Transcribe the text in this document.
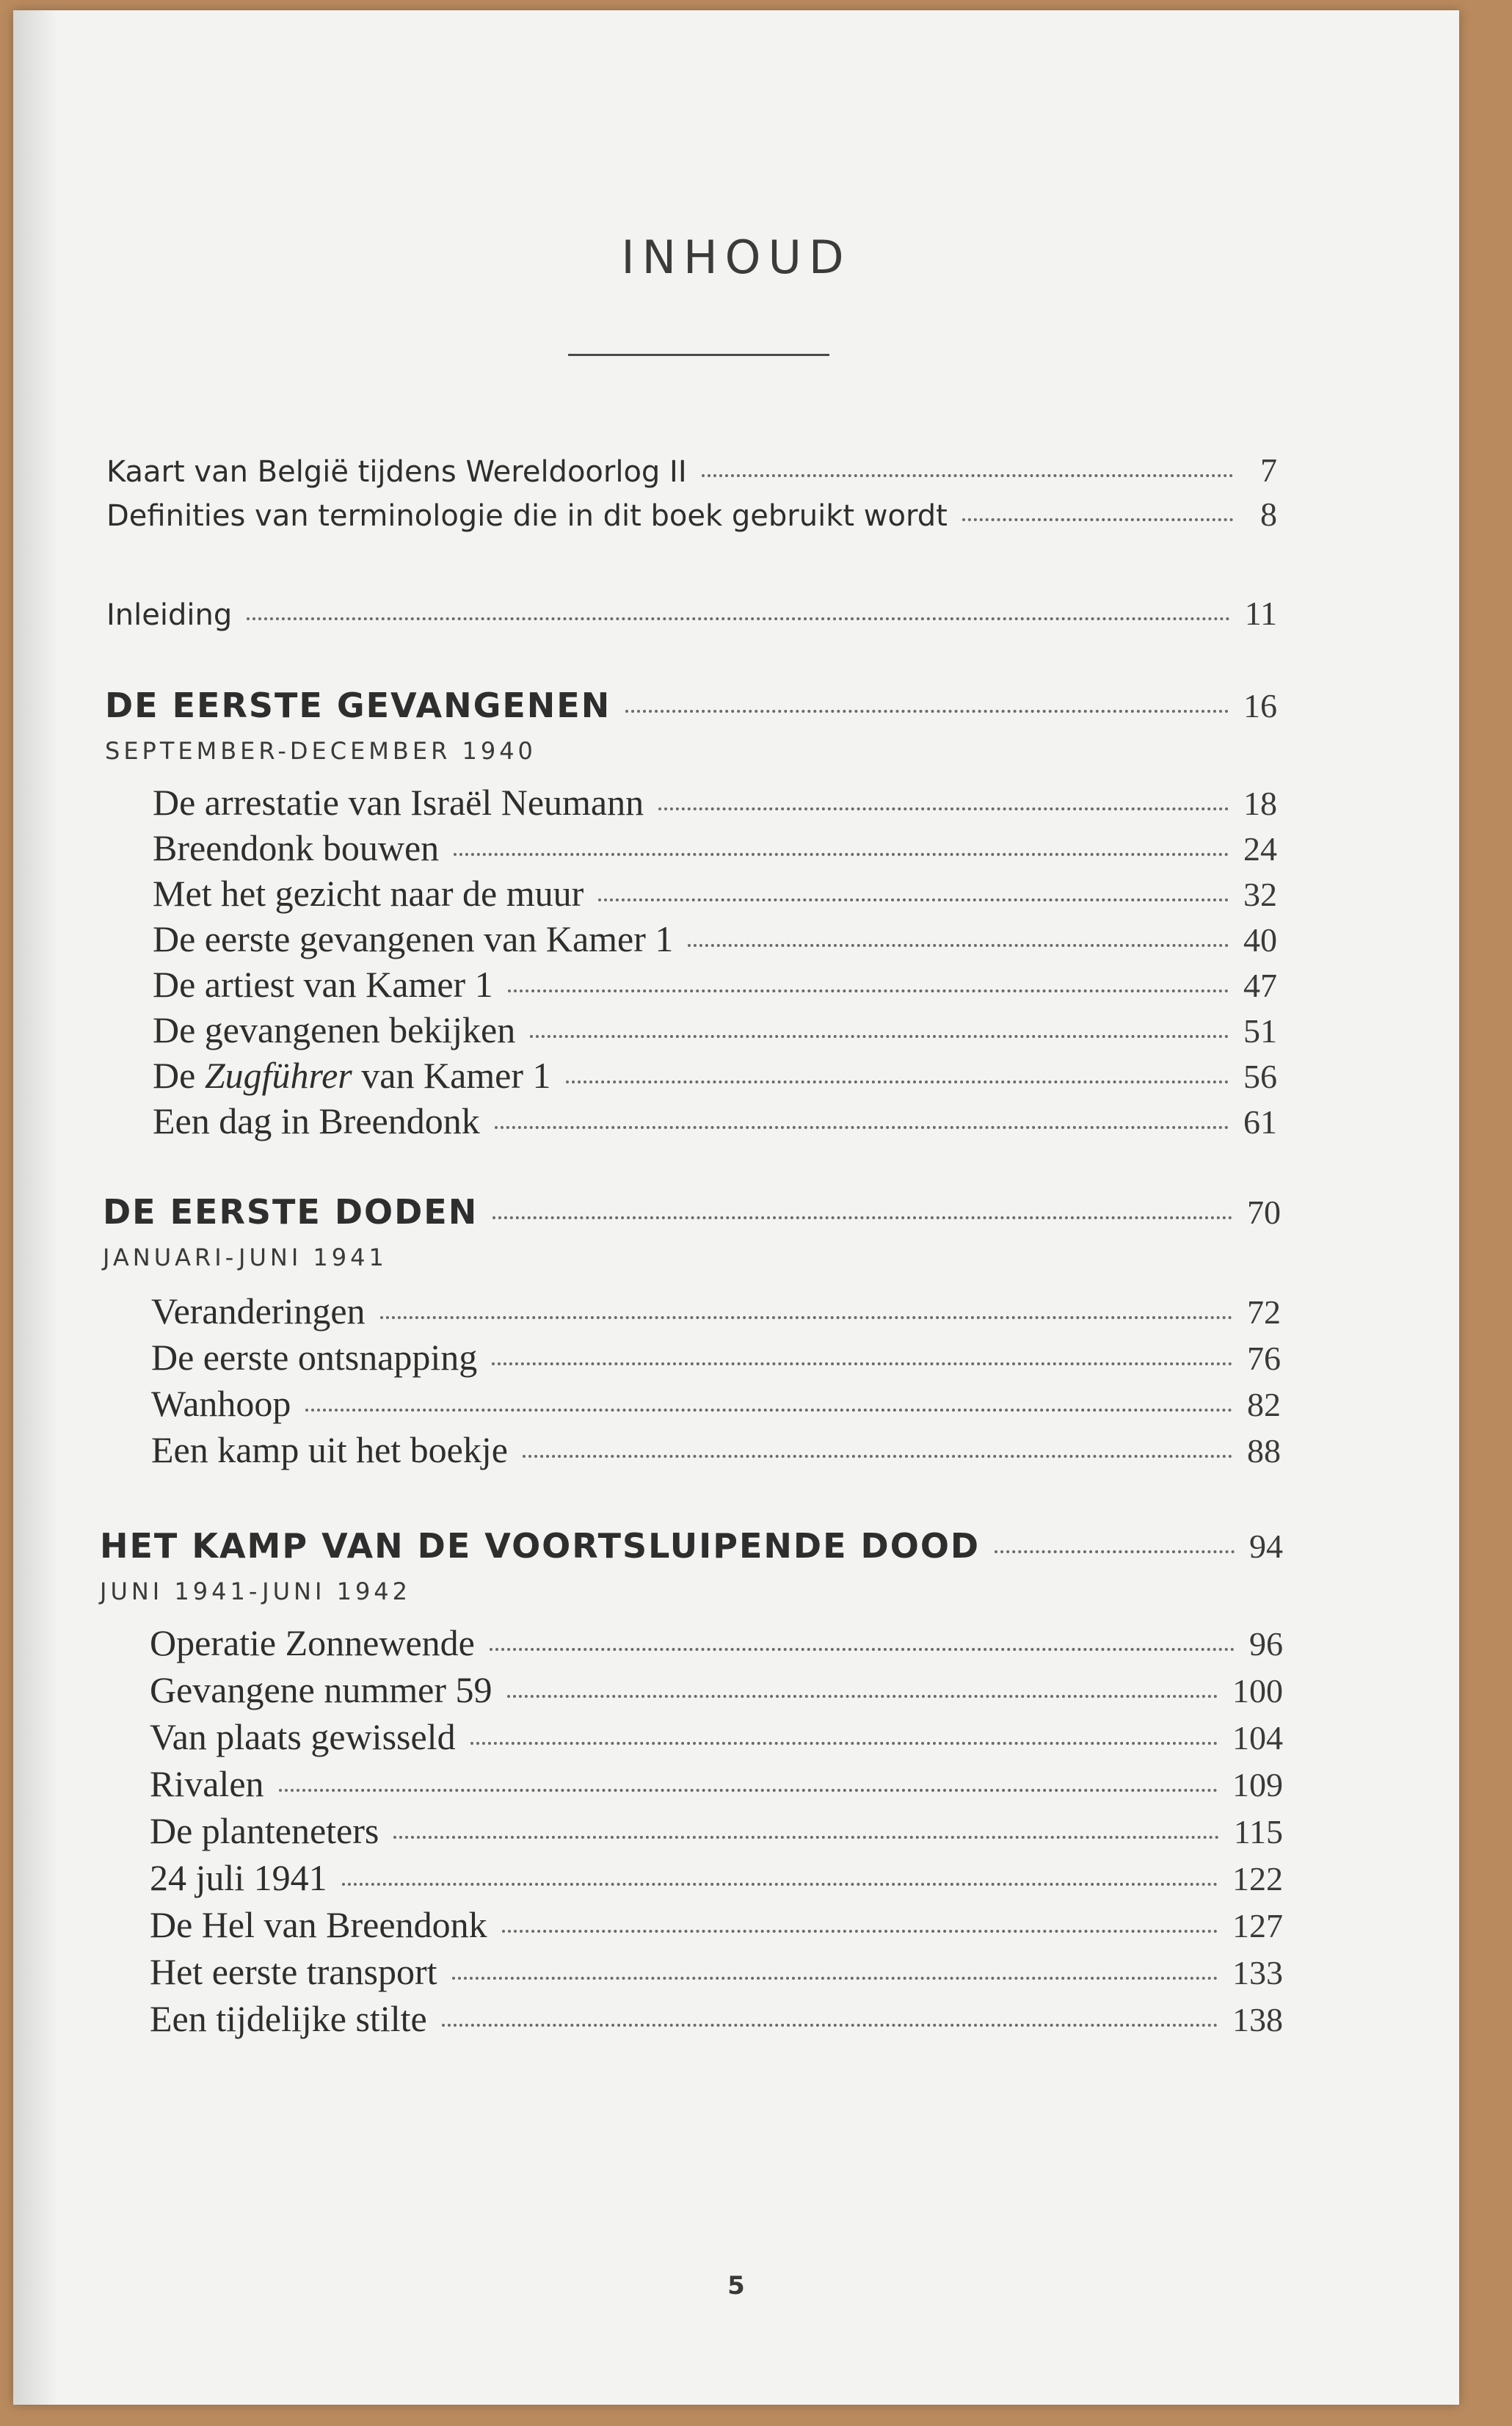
INHOUD
Kaart van België tijdens Wereldoorlog II	7
Definities van terminologie die in dit boek gebruikt wordt	8
Inleiding	11
DE EERSTE GEVANGENEN	16
SEPTEMBER-DECEMBER 1940
De arrestatie van Israël Neumann	18
Breendonk bouwen	24
Met het gezicht naar de muur	32
De eerste gevangenen van Kamer 1	40
De artiest van Kamer 1	47
De gevangenen bekijken	51
De Zugführer van Kamer 1	56
Een dag in Breendonk	61
DE EERSTE DODEN	70
JANUARI-JUNI 1941
Veranderingen	72
De eerste ontsnapping	76
Wanhoop	82
Een kamp uit het boekje	88
HET KAMP VAN DE VOORTSLUIPENDE DOOD	94
JUNI 1941-JUNI 1942
Operatie Zonnewende	96
Gevangene nummer 59	100
Van plaats gewisseld	104
Rivalen	109
De planteneters	115
24 juli 1941	122
De Hel van Breendonk	127
Het eerste transport	133
Een tijdelijke stilte	138
5
